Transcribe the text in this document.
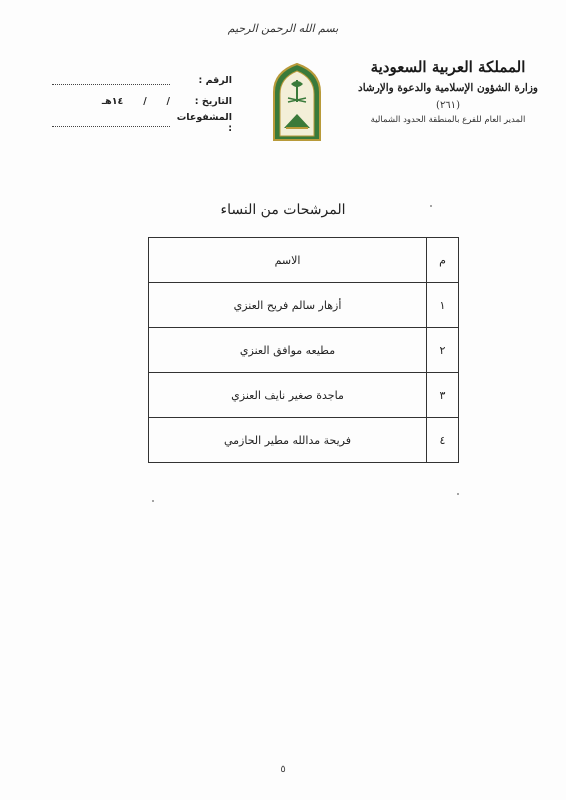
بسم الله الرحمن الرحيم
المملكة العربية السعودية
وزارة الشؤون الإسلامية والدعوة والإرشاد
(٢٦١)
المدير العام للفرع بالمنطقة الحدود الشمالية
الرقم :
التاريخ :
/      /      ١٤هـ
المشفوعات :
المرشحات من النساء
م	الاسم
١	أزهار سالم فريح العنزي
٢	مطيعه موافق العنزي
٣	ماجدة صغير نايف العنزي
٤	فريحة مدالله مطير الحازمي
٥
